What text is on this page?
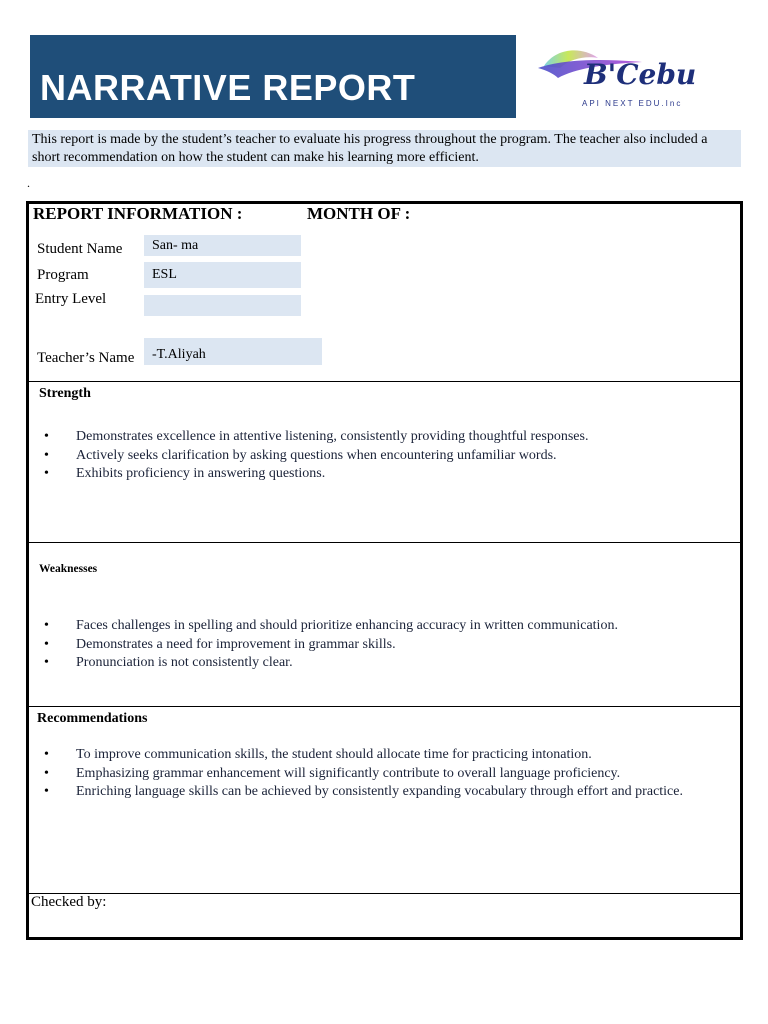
NARRATIVE REPORT	B'Cebu
API NEXT EDU.Inc
This report is made by the student’s teacher to evaluate his progress throughout the program. The teacher also included a short recommendation on how the student can make his learning more efficient.
.
REPORT INFORMATION :	MONTH OF :
Student Name	San- ma
Program	ESL
Entry Level
Teacher’s Name	-T.Aliyah
Strength
• Demonstrates excellence in attentive listening, consistently providing thoughtful responses.
• Actively seeks clarification by asking questions when encountering unfamiliar words.
• Exhibits proficiency in answering questions.
Weaknesses
• Faces challenges in spelling and should prioritize enhancing accuracy in written communication.
• Demonstrates a need for improvement in grammar skills.
• Pronunciation is not consistently clear.
Recommendations
• To improve communication skills, the student should allocate time for practicing intonation.
• Emphasizing grammar enhancement will significantly contribute to overall language proficiency.
• Enriching language skills can be achieved by consistently expanding vocabulary through effort and practice.
Checked by:
